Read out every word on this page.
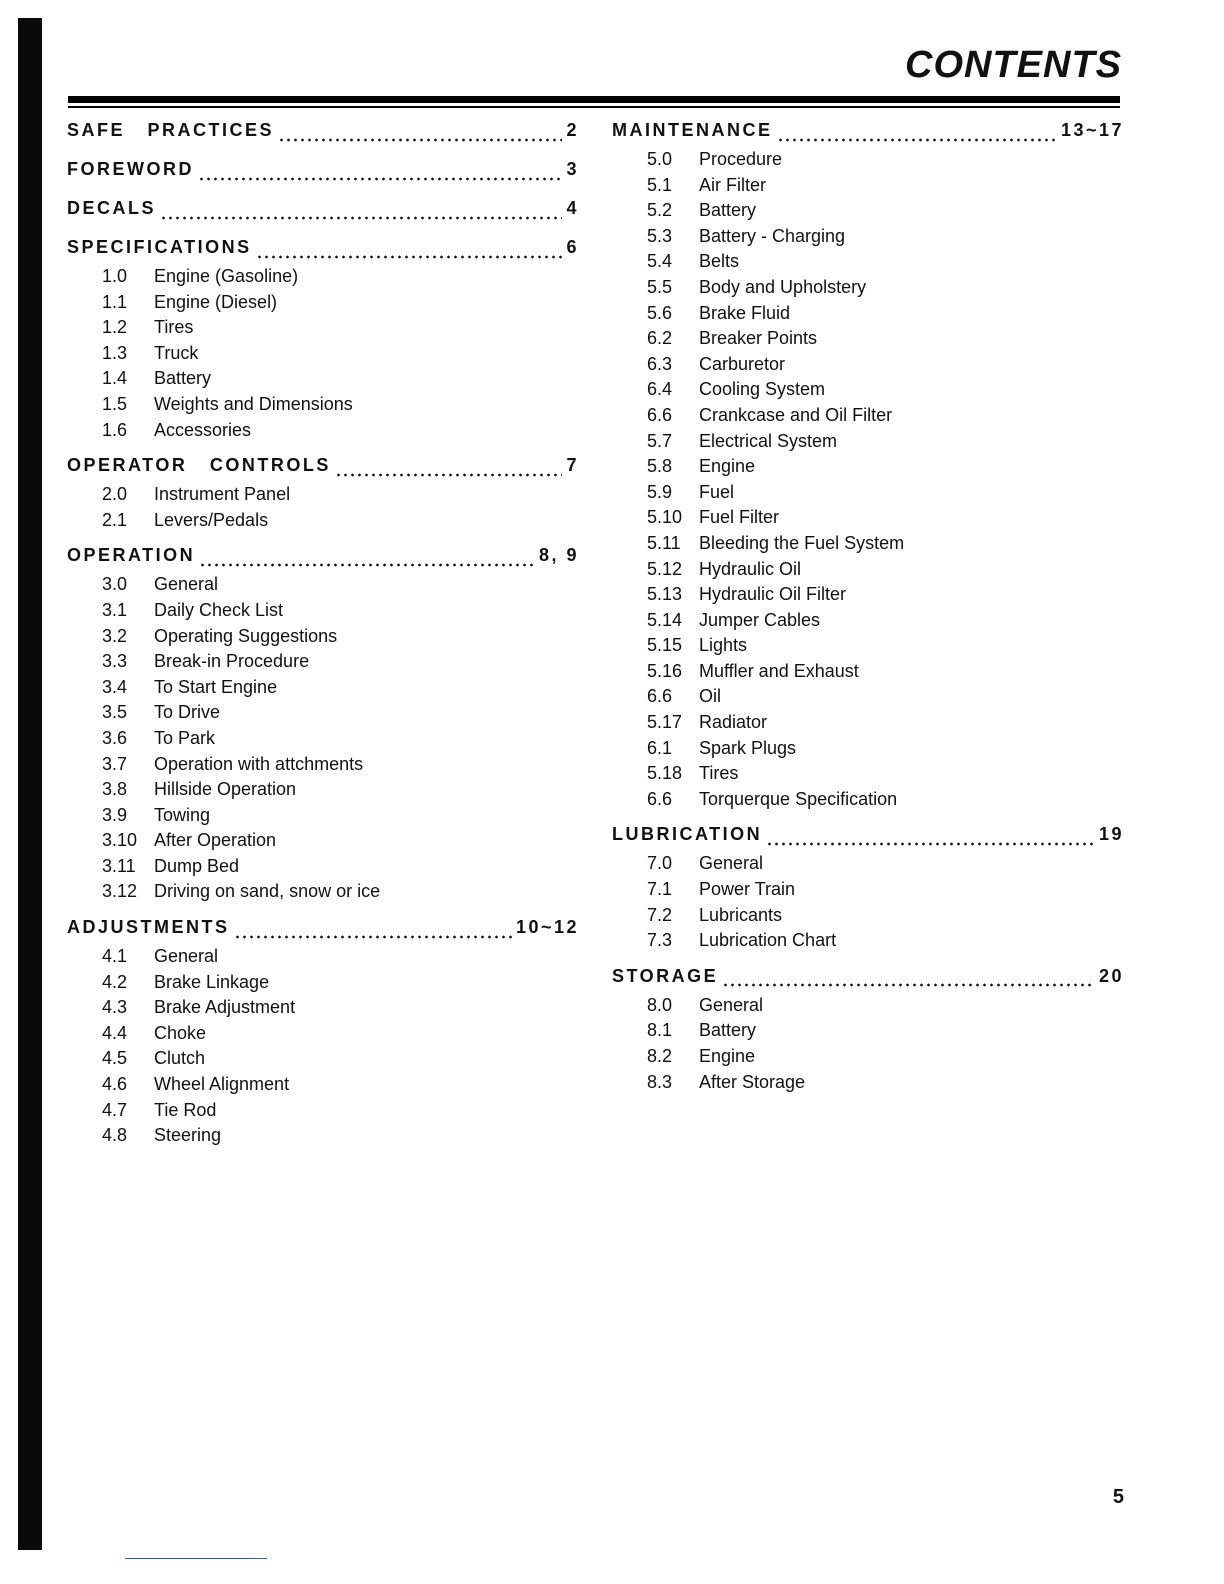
CONTENTS
SAFE   PRACTICES	2
FOREWORD	3
DECALS	4
SPECIFICATIONS	6
1.0	Engine (Gasoline)
1.1	Engine (Diesel)
1.2	Tires
1.3	Truck
1.4	Battery
1.5	Weights and Dimensions
1.6	Accessories
OPERATOR   CONTROLS	7
2.0	Instrument Panel
2.1	Levers/Pedals
OPERATION	8, 9
3.0	General
3.1	Daily Check List
3.2	Operating Suggestions
3.3	Break-in Procedure
3.4	To Start Engine
3.5	To Drive
3.6	To Park
3.7	Operation with attchments
3.8	Hillside Operation
3.9	Towing
3.10 After Operation
3.11	Dump Bed
3.12 Driving on sand, snow or ice
ADJUSTMENTS	10~12
4.1	General
4.2	Brake Linkage
4.3	Brake Adjustment
4.4	Choke
4.5	Clutch
4.6	Wheel Alignment
4.7	Tie Rod
4.8	Steering
MAINTENANCE	13~17
5.0	Procedure
5.1	Air Filter
5.2	Battery
5.3	Battery - Charging
5.4	Belts
5.5	Body and Upholstery
5.6	Brake Fluid
6.2	Breaker Points
6.3	Carburetor
6.4	Cooling System
6.6	Crankcase and Oil Filter
5.7	Electrical System
5.8	Engine
5.9	Fuel
5.10 Fuel Filter
5.11	Bleeding the Fuel System
5.12 Hydraulic Oil
5.13 Hydraulic Oil Filter
5.14 Jumper Cables
5.15 Lights
5.16 Muffler and Exhaust
6.6	Oil
5.17 Radiator
6.1	Spark Plugs
5.18 Tires
6.6	Torquerque Specification
LUBRICATION	19
7.0	General
7.1	Power Train
7.2	Lubricants
7.3	Lubrication Chart
STORAGE	20
8.0	General
8.1	Battery
8.2	Engine
8.3	After Storage
5
